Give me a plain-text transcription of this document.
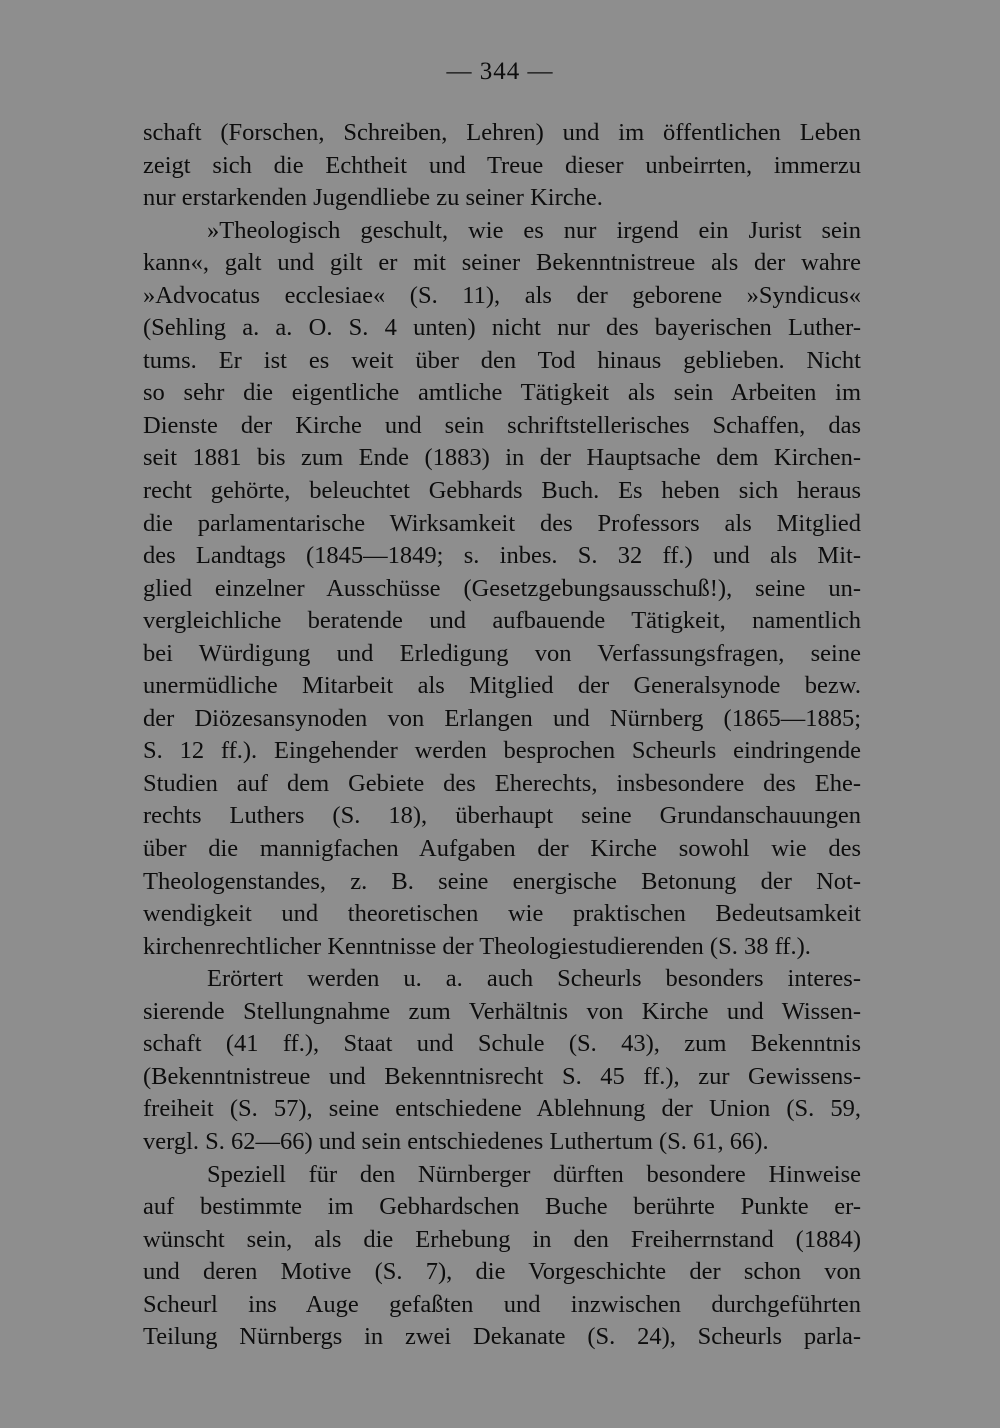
— 344 —
schaft (Forschen, Schreiben, Lehren) und im öffentlichen Leben
zeigt sich die Echtheit und Treue dieser unbeirrten, immerzu
nur erstarkenden Jugendliebe zu seiner Kirche.
»Theologisch geschult, wie es nur irgend ein Jurist sein
kann«, galt und gilt er mit seiner Bekenntnistreue als der wahre
»Advocatus ecclesiae« (S. 11), als der geborene »Syndicus«
(Sehling a. a. O. S. 4 unten) nicht nur des bayerischen Luther-
tums. Er ist es weit über den Tod hinaus geblieben. Nicht
so sehr die eigentliche amtliche Tätigkeit als sein Arbeiten im
Dienste der Kirche und sein schriftstellerisches Schaffen, das
seit 1881 bis zum Ende (1883) in der Hauptsache dem Kirchen-
recht gehörte, beleuchtet Gebhards Buch. Es heben sich heraus
die parlamentarische Wirksamkeit des Professors als Mitglied
des Landtags (1845—1849; s. inbes. S. 32 ff.) und als Mit-
glied einzelner Ausschüsse (Gesetzgebungsausschuß!), seine un-
vergleichliche beratende und aufbauende Tätigkeit, namentlich
bei Würdigung und Erledigung von Verfassungsfragen, seine
unermüdliche Mitarbeit als Mitglied der Generalsynode bezw.
der Diözesansynoden von Erlangen und Nürnberg (1865—1885;
S. 12 ff.). Eingehender werden besprochen Scheurls eindringende
Studien auf dem Gebiete des Eherechts, insbesondere des Ehe-
rechts Luthers (S. 18), überhaupt seine Grundanschauungen
über die mannigfachen Aufgaben der Kirche sowohl wie des
Theologenstandes, z. B. seine energische Betonung der Not-
wendigkeit und theoretischen wie praktischen Bedeutsamkeit
kirchenrechtlicher Kenntnisse der Theologiestudierenden (S. 38 ff.).
Erörtert werden u. a. auch Scheurls besonders interes-
sierende Stellungnahme zum Verhältnis von Kirche und Wissen-
schaft (41 ff.), Staat und Schule (S. 43), zum Bekenntnis
(Bekenntnistreue und Bekenntnisrecht S. 45 ff.), zur Gewissens-
freiheit (S. 57), seine entschiedene Ablehnung der Union (S. 59,
vergl. S. 62—66) und sein entschiedenes Luthertum (S. 61, 66).
Speziell für den Nürnberger dürften besondere Hinweise
auf bestimmte im Gebhardschen Buche berührte Punkte er-
wünscht sein, als die Erhebung in den Freiherrnstand (1884)
und deren Motive (S. 7), die Vorgeschichte der schon von
Scheurl ins Auge gefaßten und inzwischen durchgeführten
Teilung Nürnbergs in zwei Dekanate (S. 24), Scheurls parla-
